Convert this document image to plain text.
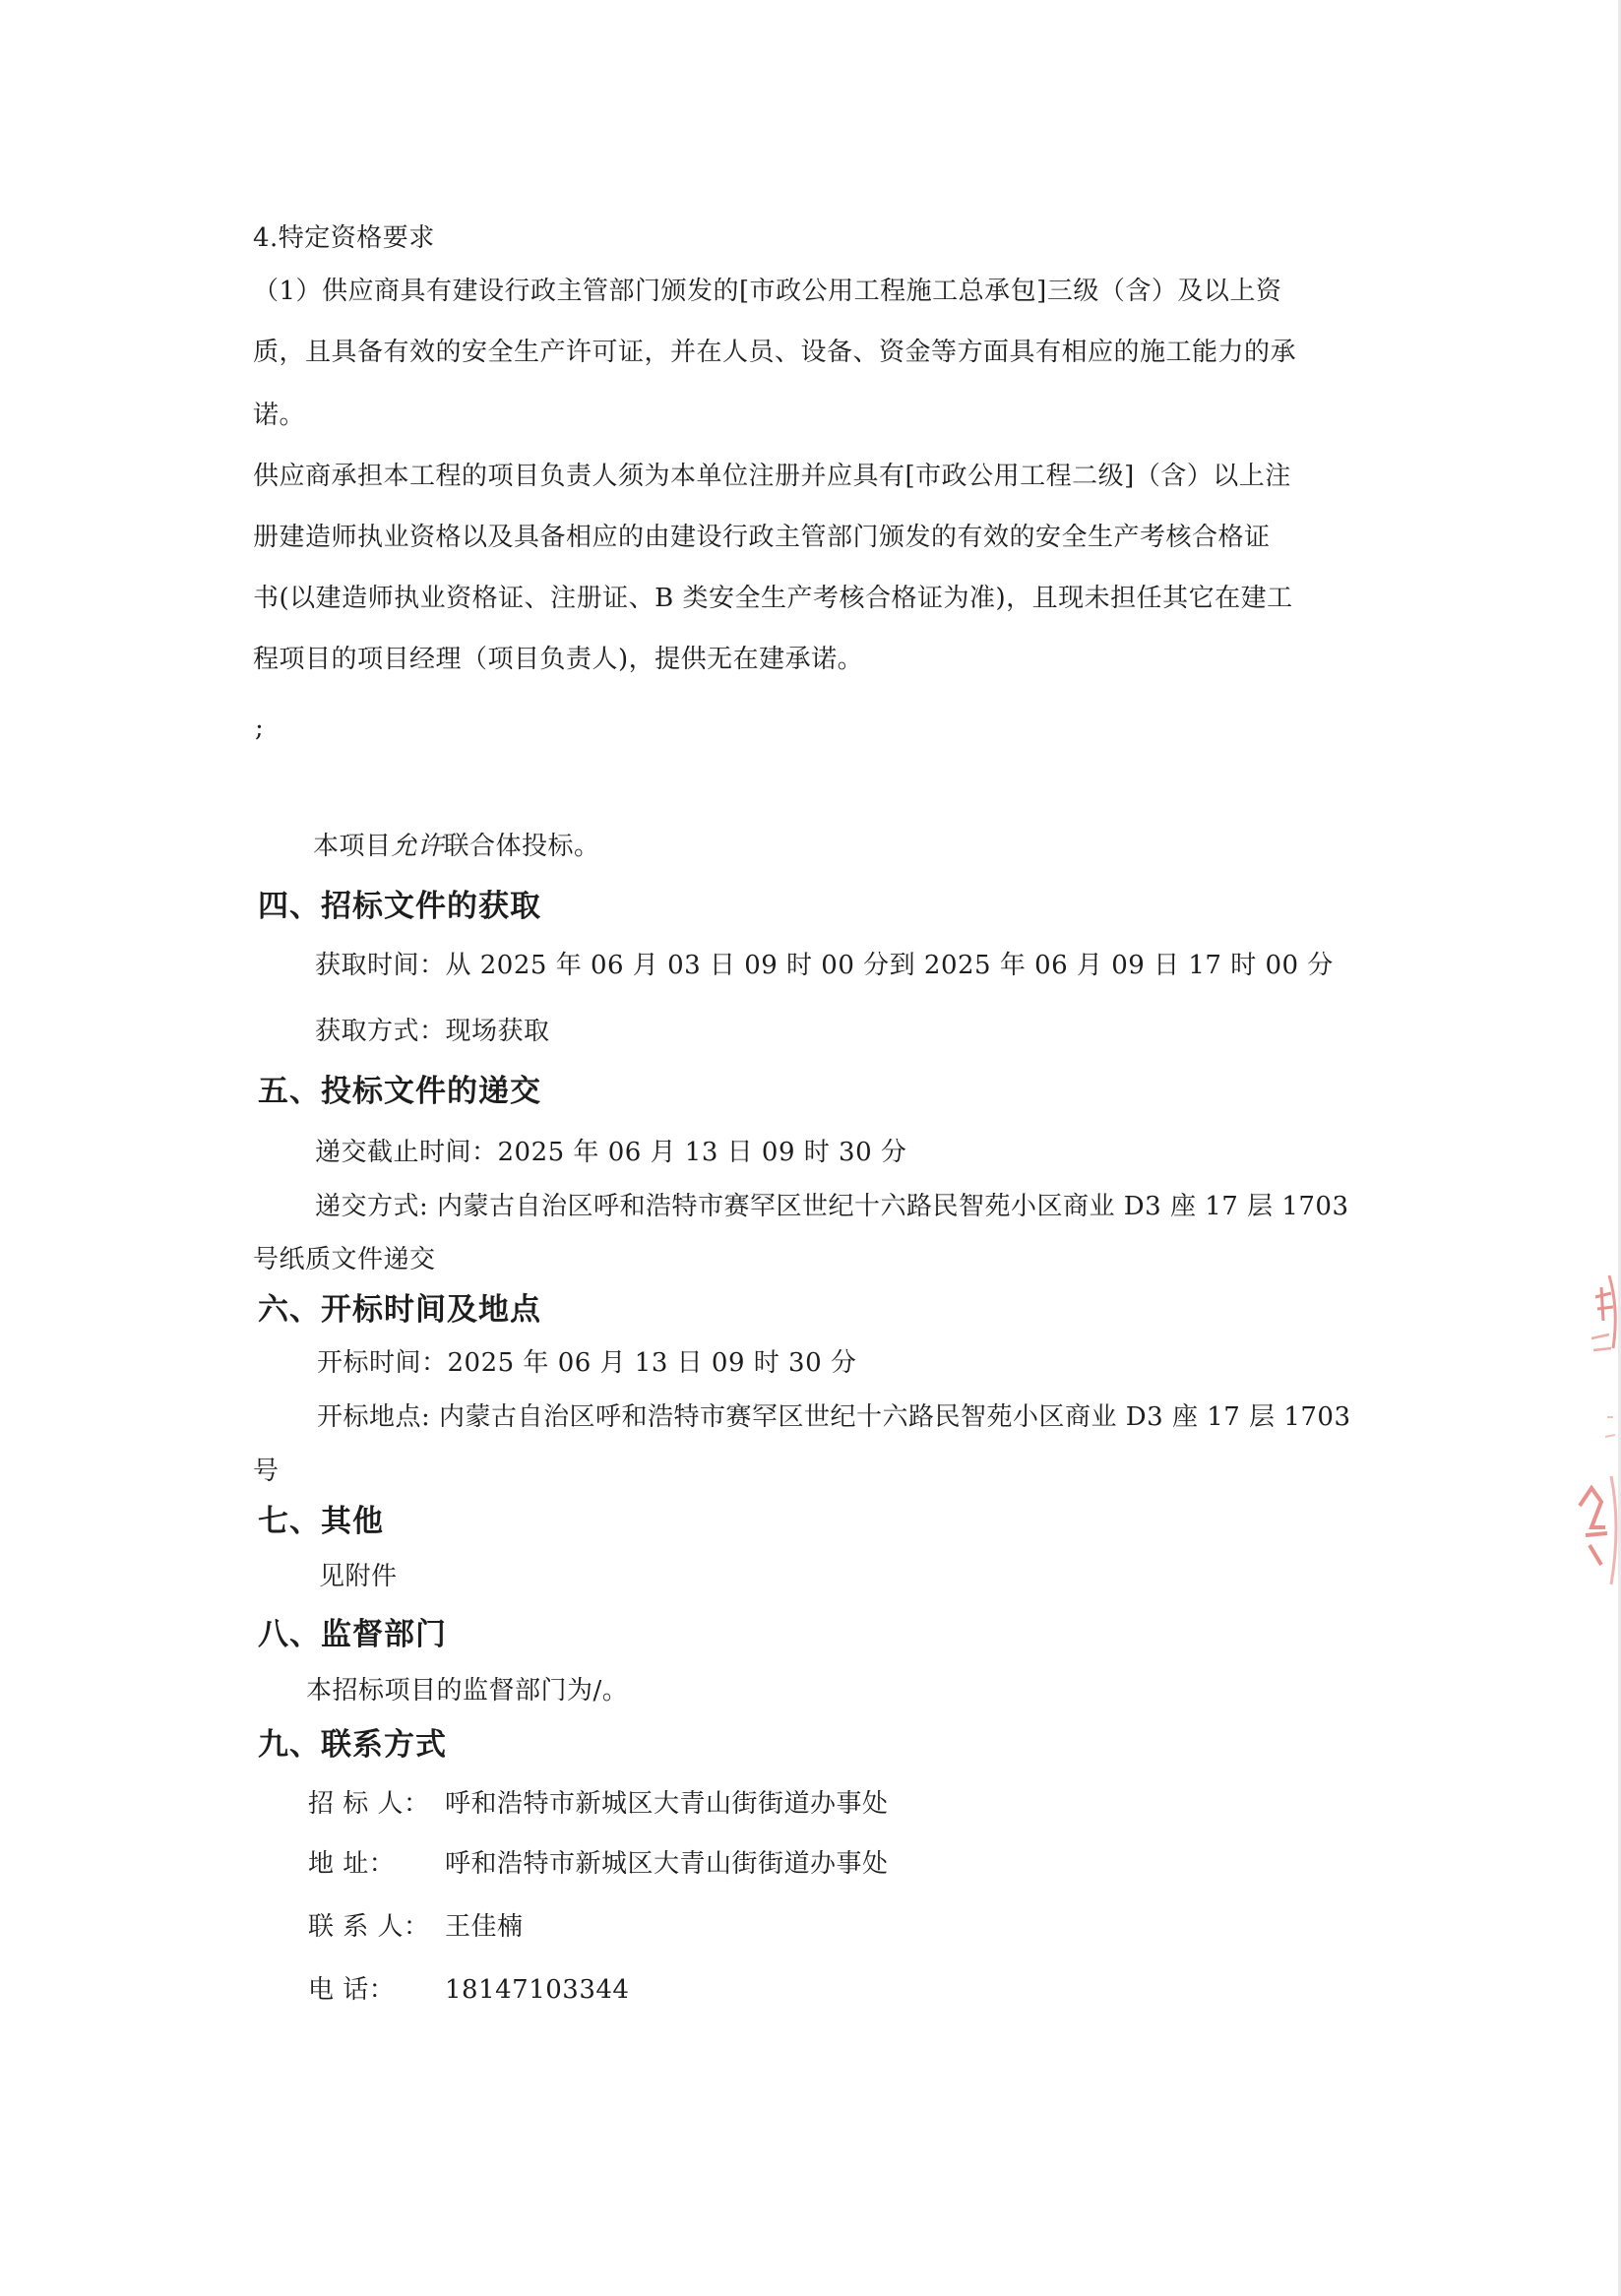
4.特定资格要求
（1）供应商具有建设行政主管部门颁发的[市政公用工程施工总承包]三级（含）及以上资
质，且具备有效的安全生产许可证，并在人员、设备、资金等方面具有相应的施工能力的承
诺。
供应商承担本工程的项目负责人须为本单位注册并应具有[市政公用工程二级]（含）以上注
册建造师执业资格以及具备相应的由建设行政主管部门颁发的有效的安全生产考核合格证
书(以建造师执业资格证、注册证、B 类安全生产考核合格证为准)，且现未担任其它在建工
程项目的项目经理（项目负责人)，提供无在建承诺。
;
本项目允许联合体投标。
四、招标文件的获取
获取时间：从 2025 年 06 月 03 日 09 时 00 分到 2025 年 06 月 09 日 17 时 00 分
获取方式：现场获取
五、投标文件的递交
递交截止时间：2025 年 06 月 13 日 09 时 30 分
递交方式: 内蒙古自治区呼和浩特市赛罕区世纪十六路民智苑小区商业 D3 座 17 层 1703
号纸质文件递交
六、开标时间及地点
开标时间：2025 年 06 月 13 日 09 时 30 分
开标地点: 内蒙古自治区呼和浩特市赛罕区世纪十六路民智苑小区商业 D3 座 17 层 1703
号
七、其他
见附件
八、监督部门
本招标项目的监督部门为/。
九、联系方式
招 标 人： 呼和浩特市新城区大青山街街道办事处
地 址： 呼和浩特市新城区大青山街街道办事处
联 系 人： 王佳楠
电 话： 18147103344
